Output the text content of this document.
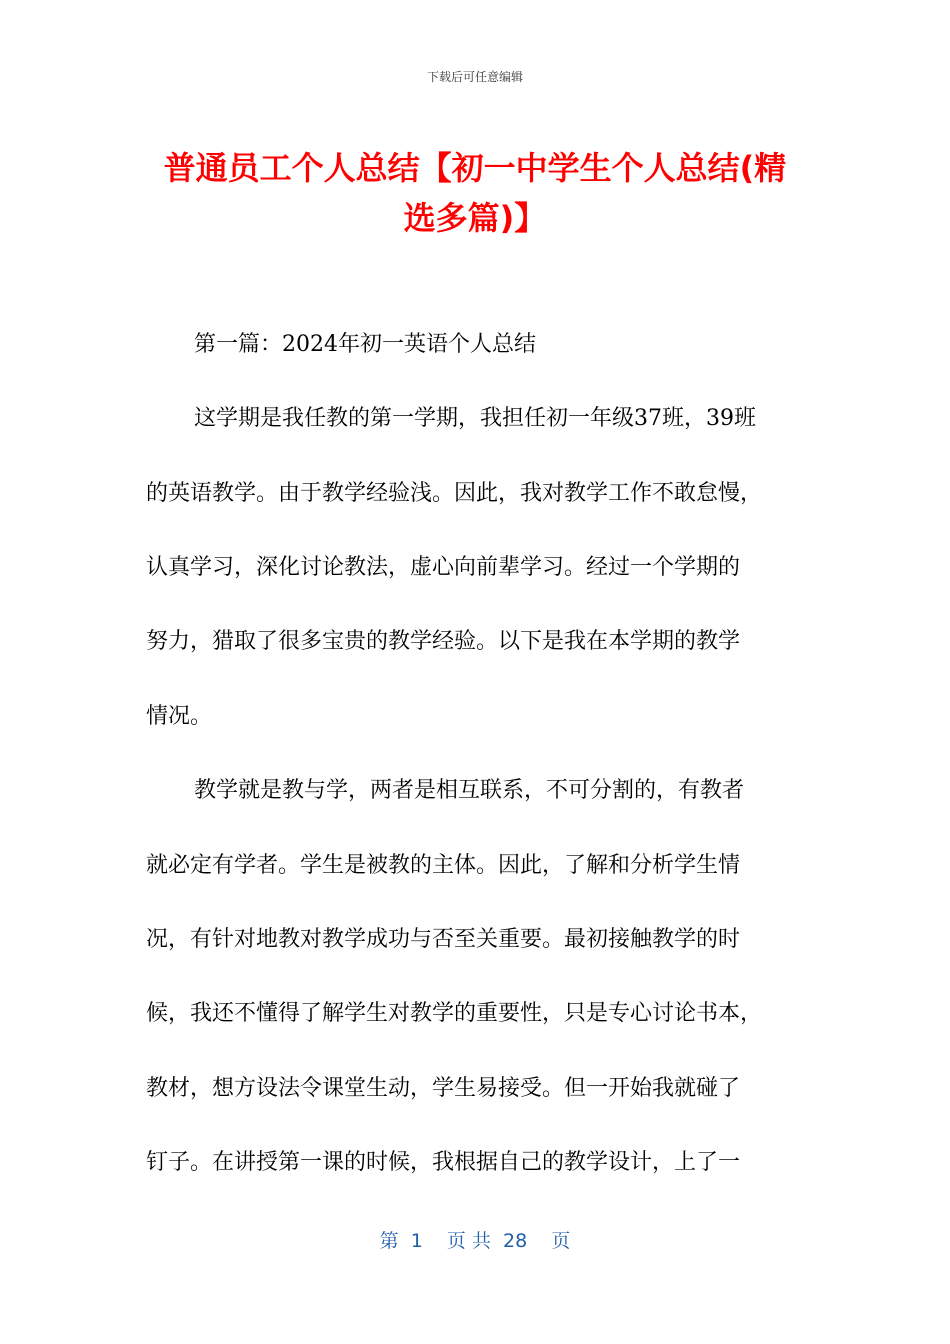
下载后可任意编辑
普通员工个人总结【初一中学生个人总结(精
选多篇)】
第一篇：2024年初一英语个人总结
这学期是我任教的第一学期，我担任初一年级37班，39班
的英语教学。由于教学经验浅。因此，我对教学工作不敢怠慢，
认真学习，深化讨论教法，虚心向前辈学习。经过一个学期的
努力，猎取了很多宝贵的教学经验。以下是我在本学期的教学
情况。
教学就是教与学，两者是相互联系，不可分割的，有教者
就必定有学者。学生是被教的主体。因此，了解和分析学生情
况，有针对地教对教学成功与否至关重要。最初接触教学的时
候，我还不懂得了解学生对教学的重要性，只是专心讨论书本，
教材，想方设法令课堂生动，学生易接受。但一开始我就碰了
钉子。在讲授第一课的时候，我根据自己的教学设计，上了一
第  1    页 共  28    页
